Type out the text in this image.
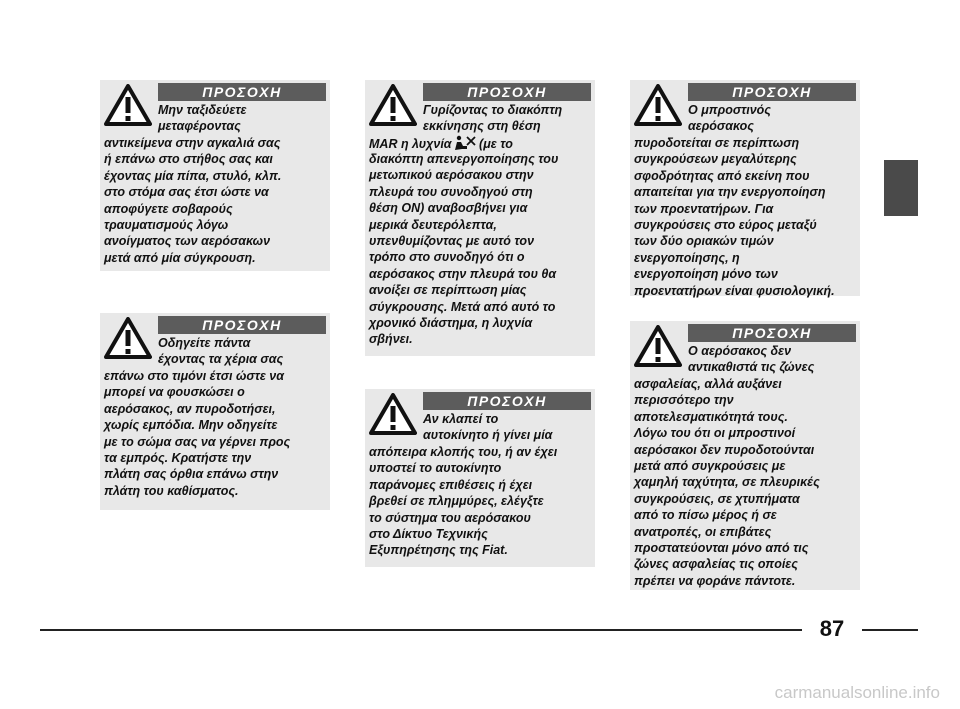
ΠΡΟΣΟΧΗ
Μην ταξιδεύετε
μεταφέροντας
αντικείμενα στην αγκαλιά σας
ή επάνω στο στήθος σας και
έχοντας μία πίπα, στυλό, κλπ.
στο στόμα σας έτσι ώστε να
αποφύγετε σοβαρούς
τραυματισμούς λόγω
ανοίγματος των αερόσακων
μετά από μία σύγκρουση.
ΠΡΟΣΟΧΗ
Οδηγείτε πάντα
έχοντας τα χέρια σας
επάνω στο τιμόνι έτσι ώστε να
μπορεί να φουσκώσει ο
αερόσακος, αν πυροδοτήσει,
χωρίς εμπόδια. Μην οδηγείτε
με το σώμα σας να γέρνει προς
τα εμπρός. Κρατήστε την
πλάτη σας όρθια επάνω στην
πλάτη του καθίσματος.
ΠΡΟΣΟΧΗ
Γυρίζοντας το διακόπτη
εκκίνησης στη θέση
MAR η λυχνία (με το
διακόπτη απενεργοποίησης του
μετωπικού αερόσακου στην
πλευρά του συνοδηγού στη
θέση ON) αναβοσβήνει για
μερικά δευτερόλεπτα,
υπενθυμίζοντας με αυτό τον
τρόπο στο συνοδηγό ότι ο
αερόσακος στην πλευρά του θα
ανοίξει σε περίπτωση μίας
σύγκρουσης. Μετά από αυτό το
χρονικό διάστημα, η λυχνία
σβήνει.
ΠΡΟΣΟΧΗ
Αν κλαπεί το
αυτοκίνητο ή γίνει μία
απόπειρα κλοπής του, ή αν έχει
υποστεί το αυτοκίνητο
παράνομες επιθέσεις ή έχει
βρεθεί σε πλημμύρες, ελέγξτε
το σύστημα του αερόσακου
στο Δίκτυο Τεχνικής
Εξυπηρέτησης της Fiat.
ΠΡΟΣΟΧΗ
Ο μπροστινός
αερόσακος
πυροδοτείται σε περίπτωση
συγκρούσεων μεγαλύτερης
σφοδρότητας από εκείνη που
απαιτείται για την ενεργοποίηση
των προεντατήρων. Για
συγκρούσεις στο εύρος μεταξύ
των δύο οριακών τιμών
ενεργοποίησης, η
ενεργοποίηση μόνο των
προεντατήρων είναι φυσιολογική.
ΠΡΟΣΟΧΗ
Ο αερόσακος δεν
αντικαθιστά τις ζώνες
ασφαλείας, αλλά αυξάνει
περισσότερο την
αποτελεσματικότητά τους.
Λόγω του ότι οι μπροστινοί
αερόσακοι δεν πυροδοτούνται
μετά από συγκρούσεις με
χαμηλή ταχύτητα, σε πλευρικές
συγκρούσεις, σε χτυπήματα
από το πίσω μέρος ή σε
ανατροπές, οι επιβάτες
προστατεύονται μόνο από τις
ζώνες ασφαλείας τις οποίες
πρέπει να φοράνε πάντοτε.
87
carmanualsonline.info
